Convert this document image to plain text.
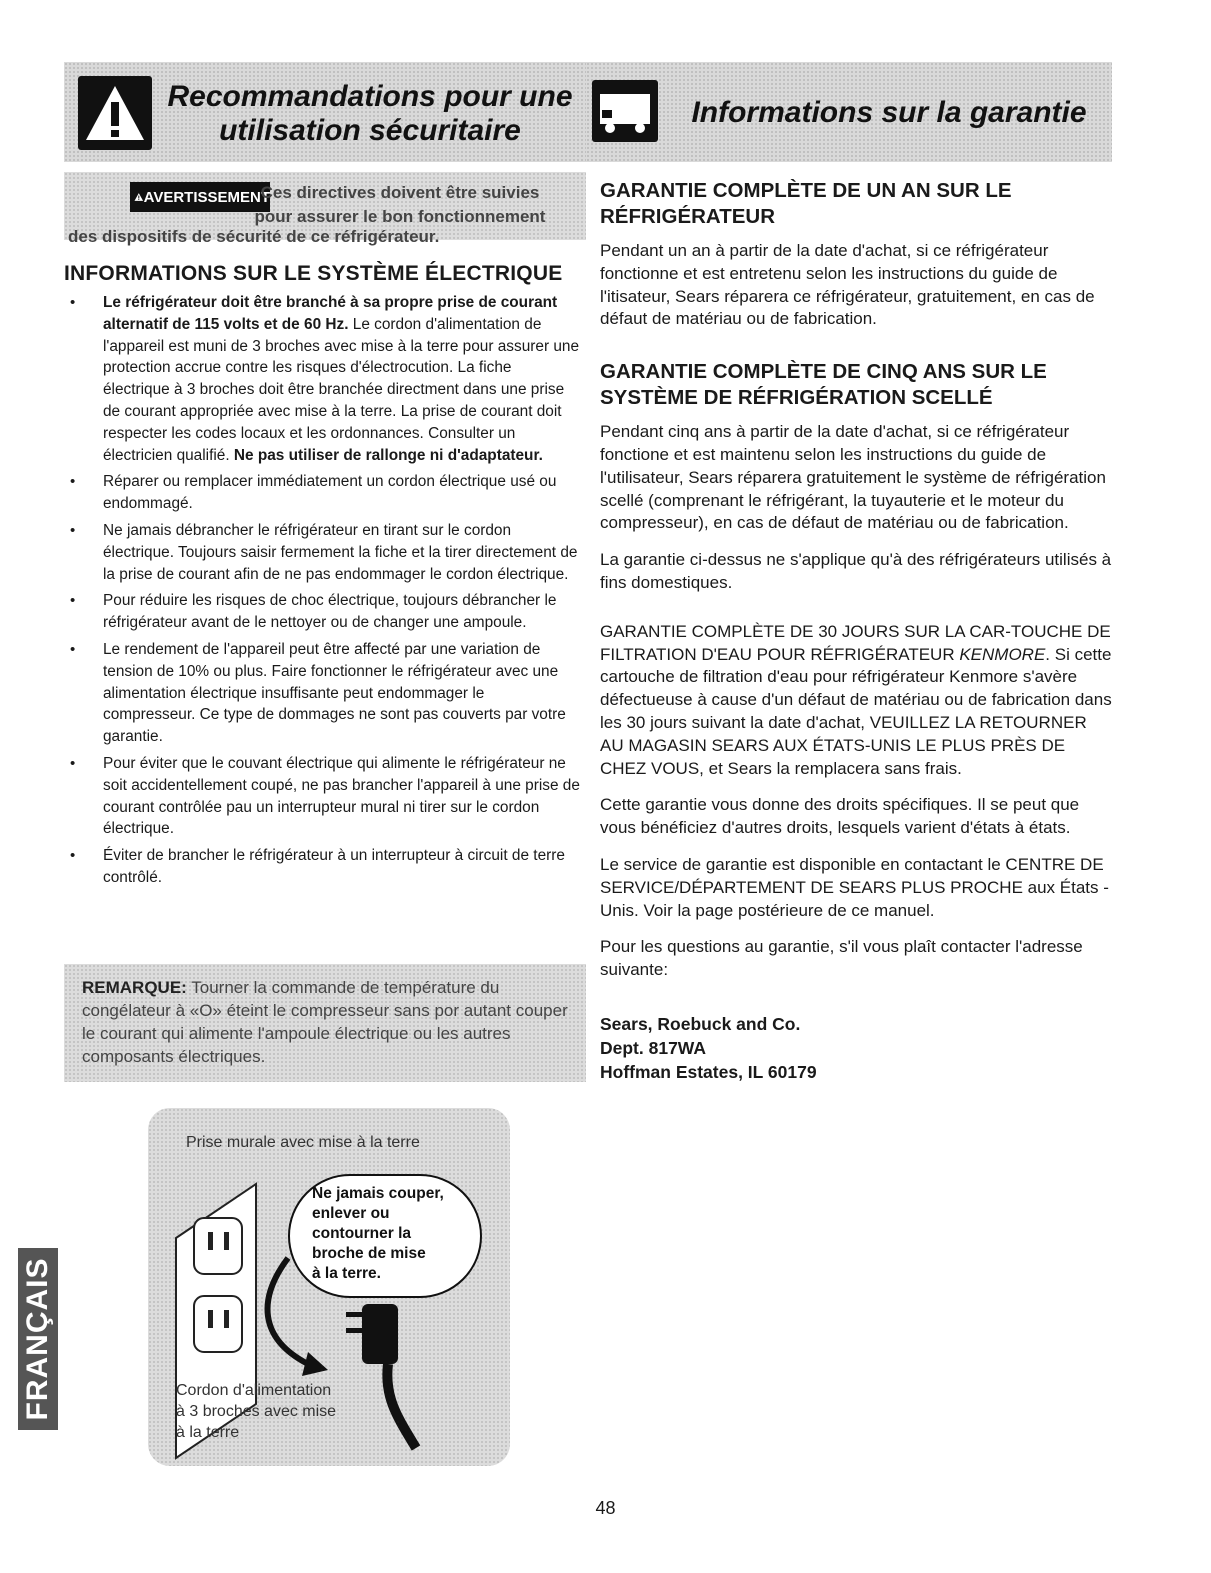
Recommandations pour une
utilisation sécuritaire
Informations sur la garantie
AVERTISSEMENT
Ces directives doivent être suivies
pour assurer le bon fonctionnement
des dispositifs de sécurité de ce réfrigérateur.
INFORMATIONS SUR LE SYSTÈME ÉLECTRIQUE
• Le réfrigérateur doit être branché à sa propre prise de courant alternatif de 115 volts et de 60 Hz. Le cordon d'alimentation de l'appareil est muni de 3 broches avec mise à la terre pour assurer une protection accrue contre les risques d'électrocution. La fiche électrique à 3 broches doit être branchée directment dans une prise de courant appropriée avec mise à la terre. La prise de courant doit respecter les codes locaux et les ordonnances. Consulter un électricien qualifié. Ne pas utiliser de rallonge ni d'adaptateur.
• Réparer ou remplacer immédiatement un cordon électrique usé ou endommagé.
• Ne jamais débrancher le réfrigérateur en tirant sur le cordon électrique. Toujours saisir fermement la fiche et la tirer directement de la prise de courant afin de ne pas endommager le cordon électrique.
• Pour réduire les risques de choc électrique, toujours débrancher le réfrigérateur avant de le nettoyer ou de changer une ampoule.
• Le rendement de l'appareil peut être affecté par une variation de tension de 10% ou plus. Faire fonctionner le réfrigérateur avec une alimentation électrique insuffisante peut endommager le compresseur. Ce type de dommages ne sont pas couverts par votre garantie.
• Pour éviter que le couvant électrique qui alimente le réfrigérateur ne soit accidentellement coupé, ne pas brancher l'appareil à une prise de courant contrôlée pau un interrupteur mural ni tirer sur le cordon électrique.
• Éviter de brancher le réfrigérateur à un interrupteur à circuit de terre contrôlé.
REMARQUE: Tourner la commande de température du congélateur à «O» éteint le compresseur sans por autant couper le courant qui alimente l'ampoule électrique ou les autres composants électriques.
Prise murale avec mise à la terre
Ne jamais couper,
enlever ou
contourner la
broche de mise
à la terre.
Cordon d'alimentation
à 3 broches avec mise
à la terre
FRANÇAIS
GARANTIE COMPLÈTE DE UN AN SUR LE RÉFRIGÉRATEUR

Pendant un an à partir de la date d'achat, si ce réfrigérateur fonctionne et est entretenu selon les instructions du guide de l'itisateur, Sears réparera ce réfrigérateur, gratuitement, en cas de défaut de matériau ou de fabrication.

GARANTIE COMPLÈTE DE CINQ ANS SUR LE SYSTÈME DE RÉFRIGÉRATION SCELLÉ

Pendant cinq ans à partir de la date d'achat, si ce réfrigérateur fonctione et est maintenu selon les instructions du guide de l'utilisateur, Sears réparera gratuitement le système de réfrigération scellé (comprenant le réfrigérant, la tuyauterie et le moteur du compresseur), en cas de défaut de matériau ou de fabrication.

La garantie ci-dessus ne s'applique qu'à des réfrigérateurs utilisés à fins domestiques.

GARANTIE COMPLÈTE DE 30 JOURS SUR LA CAR-TOUCHE DE FILTRATION D'EAU POUR RÉFRIGÉRATEUR KENMORE. Si cette cartouche de filtration d'eau pour réfrigérateur Kenmore s'avère défectueuse à cause d'un défaut de matériau ou de fabrication dans les 30 jours suivant la date d'achat, VEUILLEZ LA RETOURNER AU MAGASIN SEARS AUX ÉTATS-UNIS LE PLUS PRÈS DE CHEZ VOUS, et Sears la remplacera sans frais.

Cette garantie vous donne des droits spécifiques. Il se peut que vous bénéficiez d'autres droits, lesquels varient d'états à états.

Le service de garantie est disponible en contactant le CENTRE DE SERVICE/DÉPARTEMENT DE SEARS PLUS PROCHE aux États - Unis. Voir la page postérieure de ce manuel.

Pour les questions au garantie, s'il vous plaît contacter l'adresse suivante:

Sears, Roebuck and Co.
Dept. 817WA
Hoffman Estates, IL 60179
48
